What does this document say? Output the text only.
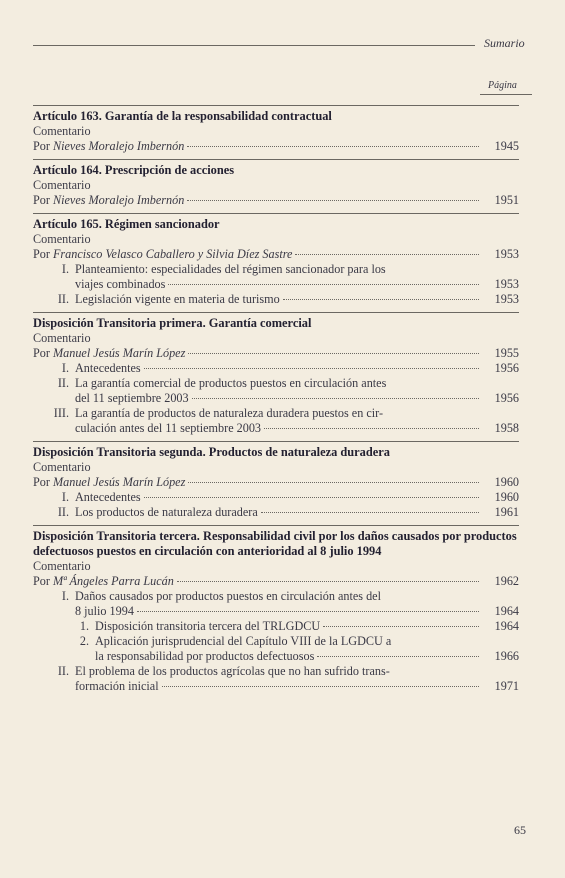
Sumario
Página
Artículo 163. Garantía de la responsabilidad contractual
Comentario
Por Nieves Moralejo Imbernón	1945
Artículo 164. Prescripción de acciones
Comentario
Por Nieves Moralejo Imbernón	1951
Artículo 165. Régimen sancionador
Comentario
Por Francisco Velasco Caballero y Silvia Díez Sastre	1953
I. Planteamiento: especialidades del régimen sancionador para los
viajes combinados	1953
II. Legislación vigente en materia de turismo	1953
Disposición Transitoria primera. Garantía comercial
Comentario
Por Manuel Jesús Marín López	1955
I. Antecedentes	1956
II. La garantía comercial de productos puestos en circulación antes
del 11 septiembre 2003	1956
III. La garantía de productos de naturaleza duradera puestos en cir-
culación antes del 11 septiembre 2003	1958
Disposición Transitoria segunda. Productos de naturaleza duradera
Comentario
Por Manuel Jesús Marín López	1960
I. Antecedentes	1960
II. Los productos de naturaleza duradera	1961
Disposición Transitoria tercera. Responsabilidad civil por los daños causados por productos defectuosos puestos en circulación con anterioridad al 8 julio 1994
Comentario
Por Mª Ángeles Parra Lucán	1962
I. Daños causados por productos puestos en circulación antes del
8 julio 1994	1964
1. Disposición transitoria tercera del TRLGDCU	1964
2. Aplicación jurisprudencial del Capítulo VIII de la LGDCU a
la responsabilidad por productos defectuosos	1966
II. El problema de los productos agrícolas que no han sufrido trans-
formación inicial	1971
65
